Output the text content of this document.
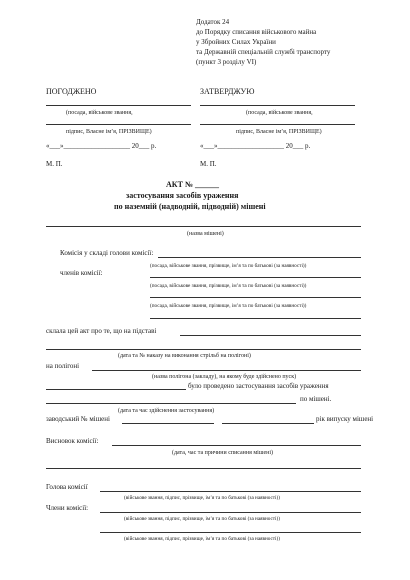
Додаток 24
до Порядку списання військового майна
у Збройних Силах України
та Державній спеціальній службі транспорту
(пункт 3 розділу VI)
ПОГОДЖЕНО
(посада, військове звання,
підпис, Власне ім’я, ПРІЗВИЩЕ)
«___»___________________ 20___ р.
М. П.
ЗАТВЕРДЖУЮ
(посада, військове звання,
підпис, Власне ім’я, ПРІЗВИЩЕ)
«___»___________________ 20___ р.
М. П.
АКТ № ______
застосування засобів ураження
по наземній (надводній, підводній) мішені
(назва мішені)
Комісія у складі голови комісії:
(посада, військове звання, прізвище, ім’я та по батькові (за наявності))
членів комісії:
(посада, військове звання, прізвище, ім’я та по батькові (за наявності))
(посада, військове звання, прізвище, ім’я та по батькові (за наявності))
склала цей акт про те, що на підставі
(дата та № наказу на виконання стрільб на полігоні)
на полігоні
(назва полігона (закладу), на якому буде здійснено пуск)
було проведено застосування засобів ураження
по мішені.
(дата та час здійснення застосування)
заводський № мішені	рік випуску мішені
Висновок комісії:
(дата, час та причини списання мішені)
Голова комісії
(військове звання, підпис, прізвище, ім’я та по батькові (за наявності))
Члени комісії:
(військове звання, підпис, прізвище, ім’я та по батькові (за наявності))
(військове звання, підпис, прізвище, ім’я та по батькові (за наявності))
